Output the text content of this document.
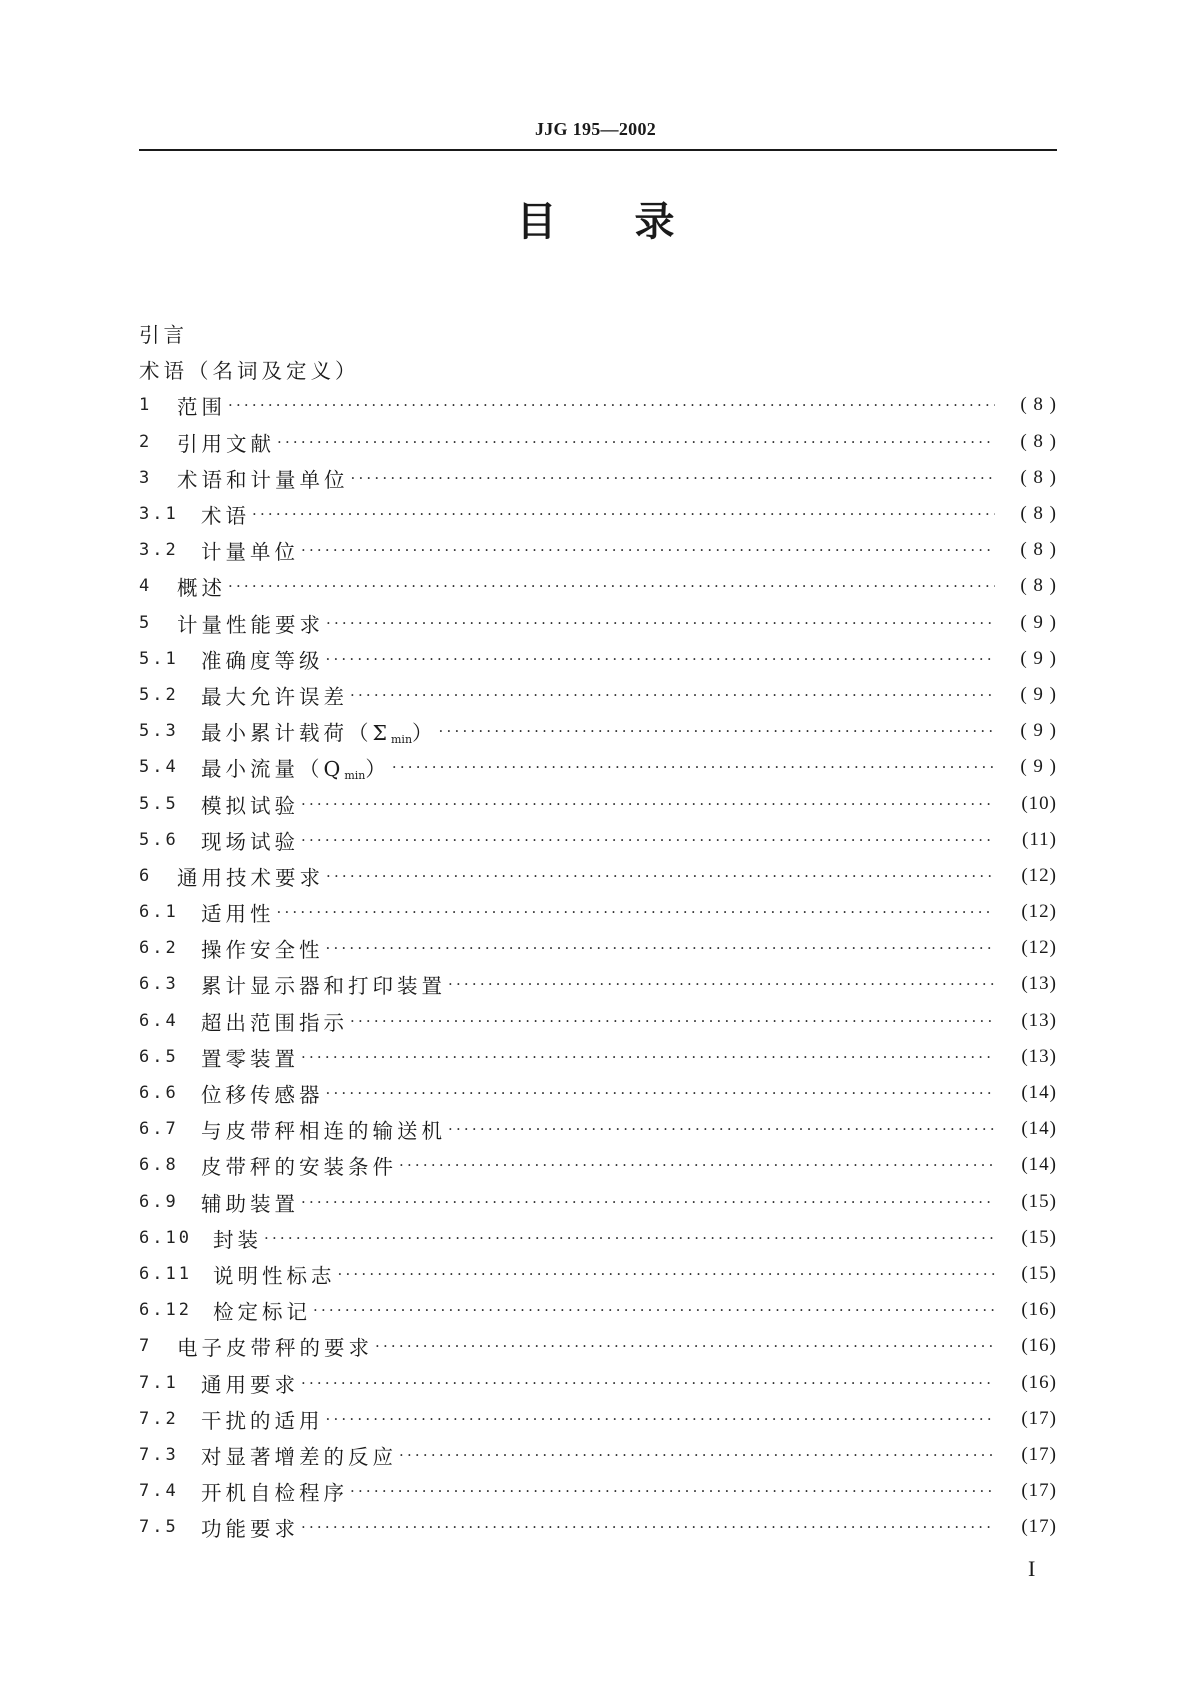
JJG 195—2002
目录
引言
术语（名词及定义）
1	范围 ·····	( 8 )
2	引用文献 ·····	( 8 )
3	术语和计量单位 ·····	( 8 )
3.1	术语 ·····	( 8 )
3.2	计量单位 ·····	( 8 )
4	概述 ·····	( 8 )
5	计量性能要求 ·····	( 9 )
5.1	准确度等级 ·····	( 9 )
5.2	最大允许误差 ·····	( 9 )
5.3	最小累计载荷$(\Sigma_{min})$ ·····	( 9 )
5.4	最小流量$(Q_{min})$ ·····	( 9 )
5.5	模拟试验 ·····	(10)
5.6	现场试验 ·····	(11)
6	通用技术要求 ·····	(12)
6.1	适用性 ·····	(12)
6.2	操作安全性 ·····	(12)
6.3	累计显示器和打印装置 ·····	(13)
6.4	超出范围指示 ·····	(13)
6.5	置零装置 ·····	(13)
6.6	位移传感器 ·····	(14)
6.7	与皮带秤相连的输送机 ·····	(14)
6.8	皮带秤的安装条件 ·····	(14)
6.9	辅助装置 ·····	(15)
6.10	封装 ·····	(15)
6.11	说明性标志 ·····	(15)
6.12	检定标记 ·····	(16)
7	电子皮带秤的要求 ·····	(16)
7.1	通用要求 ·····	(16)
7.2	干扰的适用 ·····	(17)
7.3	对显著增差的反应 ·····	(17)
7.4	开机自检程序 ·····	(17)
7.5	功能要求 ·····	(17)
I
